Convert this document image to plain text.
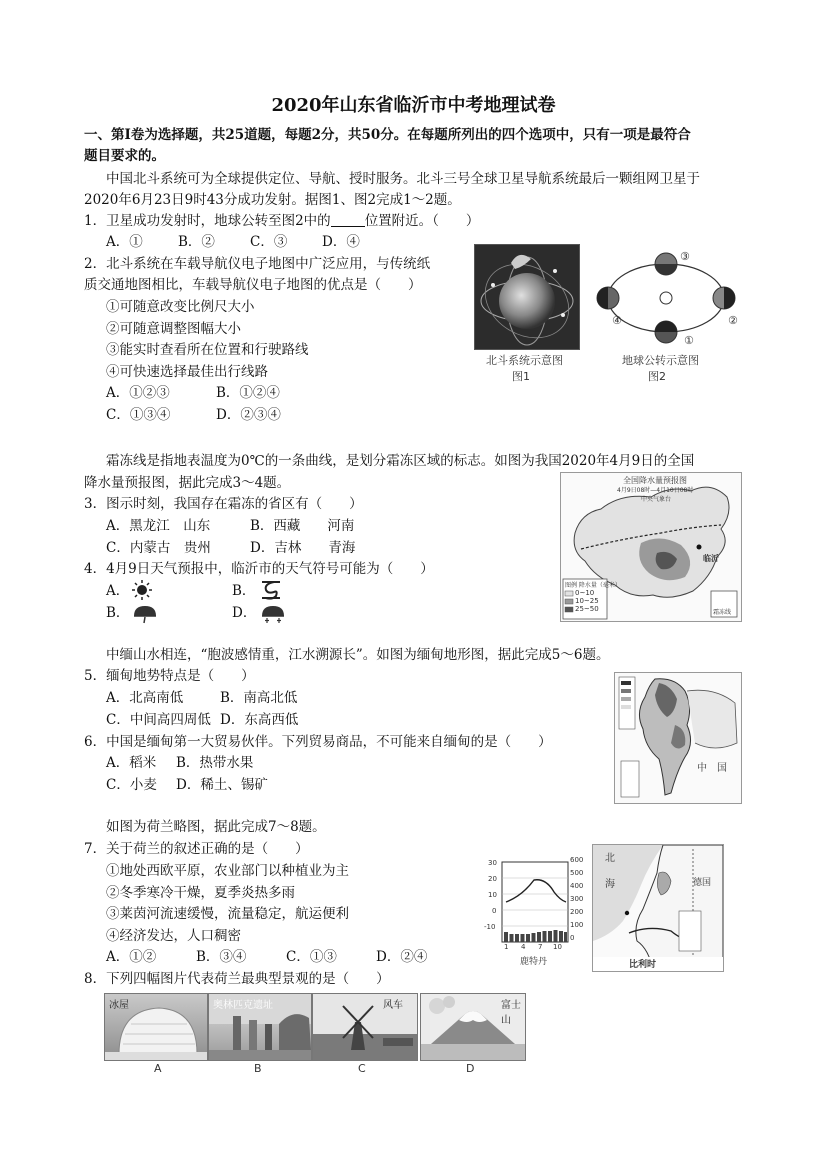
2020年山东省临沂市中考地理试卷
一、第Ⅰ卷为选择题，共25道题，每题2分，共50分。在每题所列出的四个选项中，只有一项是最符合
题目要求的。
中国北斗系统可为全球提供定位、导航、授时服务。北斗三号全球卫星导航系统最后一颗组网卫星于
2020年6月23日9时43分成功发射。据图1、图2完成1～2题。
1．卫星成功发射时，地球公转至图2中的	位置附近。（　　）
A．①	B．②	C．③	D．④
2．北斗系统在车载导航仪电子地图中广泛应用，与传统纸
质交通地图相比，车载导航仪电子地图的优点是（　　）
①可随意改变比例尺大小
②可随意调整图幅大小
③能实时查看所在位置和行驶路线
④可快速选择最佳出行线路
A．①②③	B．①②④
C．①③④	D．②③④
北斗系统示意图
图1
③
④	②
①
地球公转示意图
图2
霜冻线是指地表温度为0℃的一条曲线，是划分霜冻区域的标志。如图为我国2020年4月9日的全国
降水量预报图，据此完成3～4题。
3．图示时刻，我国存在霜冻的省区有（　　）
A．黑龙江　山东	B．西藏　　河南
C．内蒙古　贵州	D．吉林　　青海
4．4月9日天气预报中，临沂市的天气符号可能为（　　）
A．	B．
B．	D．
全国降水量预报图
4月9日08时—4月10日08时
中央气象台
图例 降水量（毫米）
0~10
10~25
25~50
临沂
霜冻线
中缅山水相连，“胞波感情重，江水溯源长”。如图为缅甸地形图，据此完成5～6题。
5．缅甸地势特点是（　　）
A．北高南低	B．南高北低
C．中间高四周低 D．东高西低
6．中国是缅甸第一大贸易伙伴。下列贸易商品，不可能来自缅甸的是（　　）
A．稻米 B．热带水果
C．小麦 D．稀土、锡矿
中　国
如图为荷兰略图，据此完成7～8题。
7．关于荷兰的叙述正确的是（　　）
①地处西欧平原，农业部门以种植业为主
②冬季寒冷干燥，夏季炎热多雨
③莱茵河流速缓慢，流量稳定，航运便利
④经济发达，人口稠密
A．①②	B．③④	C．①③	D．②④
30
20
10
0
-10
600
500
400
300
200
100
0
1 4 7 10
鹿特丹
北
海	德国
比利时
8．下列四幅图片代表荷兰最典型景观的是（　　）
冰屋	奥林匹克遗址	风车	富士山
A	B	C	D
